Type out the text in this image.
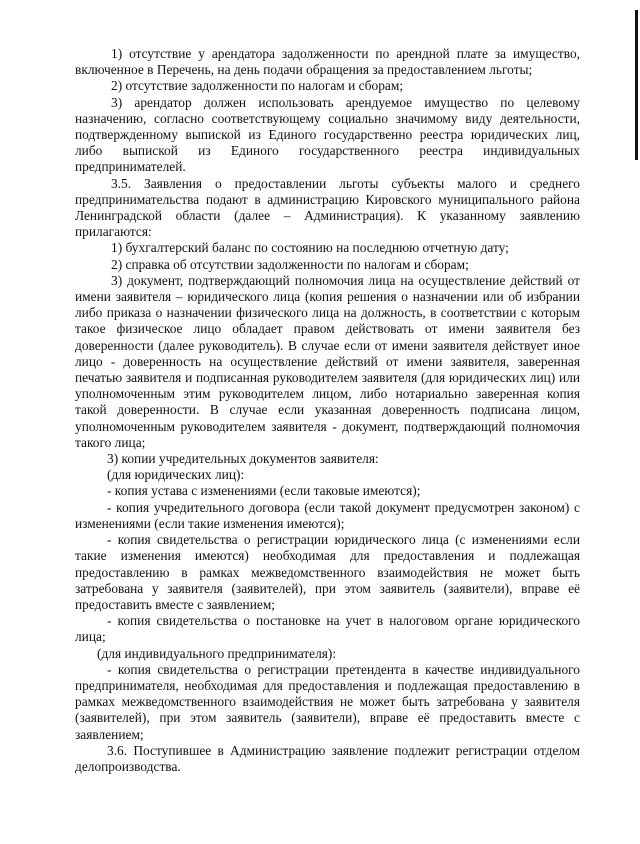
1) отсутствие у арендатора задолженности по арендной плате за имущество, включенное в Перечень, на день подачи обращения за предоставлением льготы;

2) отсутствие задолженности по налогам и сборам;

3) арендатор должен использовать арендуемое имущество по целевому назначению, согласно соответствующему социально значимому виду деятельности, подтвержденному выпиской из Единого государственно реестра юридических лиц, либо выпиской из Единого государственного реестра индивидуальных предпринимателей.

3.5. Заявления о предоставлении льготы субъекты малого и среднего предпринимательства подают в администрацию Кировского муниципального района Ленинградской области (далее – Администрация). К указанному заявлению прилагаются:

1) бухгалтерский баланс по состоянию на последнюю отчетную дату;

2) справка об отсутствии задолженности по налогам и сборам;

3) документ, подтверждающий полномочия лица на осуществление действий от имени заявителя – юридического лица (копия решения о назначении или об избрании либо приказа о назначении физического лица на должность, в соответствии с которым такое физическое лицо обладает правом действовать от имени заявителя без доверенности (далее руководитель). В случае если от имени заявителя действует иное лицо - доверенность на осуществление действий от имени заявителя, заверенная печатью заявителя и подписанная руководителем заявителя (для юридических лиц) или уполномоченным этим руководителем лицом, либо нотариально заверенная копия такой доверенности. В случае если указанная доверенность подписана лицом, уполномоченным руководителем заявителя - документ, подтверждающий полномочия такого лица;

3) копии учредительных документов заявителя:

(для юридических лиц):

- копия устава с изменениями (если таковые имеются);

- копия учредительного договора (если такой документ предусмотрен законом) с изменениями (если такие изменения имеются);

- копия свидетельства о регистрации юридического лица (с изменениями если такие изменения имеются) необходимая для предоставления и подлежащая предоставлению в рамках межведомственного взаимодействия не может быть затребована у заявителя (заявителей), при этом заявитель (заявители), вправе её предоставить вместе с заявлением;

- копия свидетельства о постановке на учет в налоговом органе юридического лица;

(для индивидуального предпринимателя):

- копия свидетельства о регистрации претендента в качестве индивидуального предпринимателя, необходимая для предоставления и подлежащая предоставлению в рамках межведомственного взаимодействия не может быть затребована у заявителя (заявителей), при этом заявитель (заявители), вправе её предоставить вместе с заявлением;

3.6. Поступившее в Администрацию заявление подлежит регистрации отделом делопроизводства.
